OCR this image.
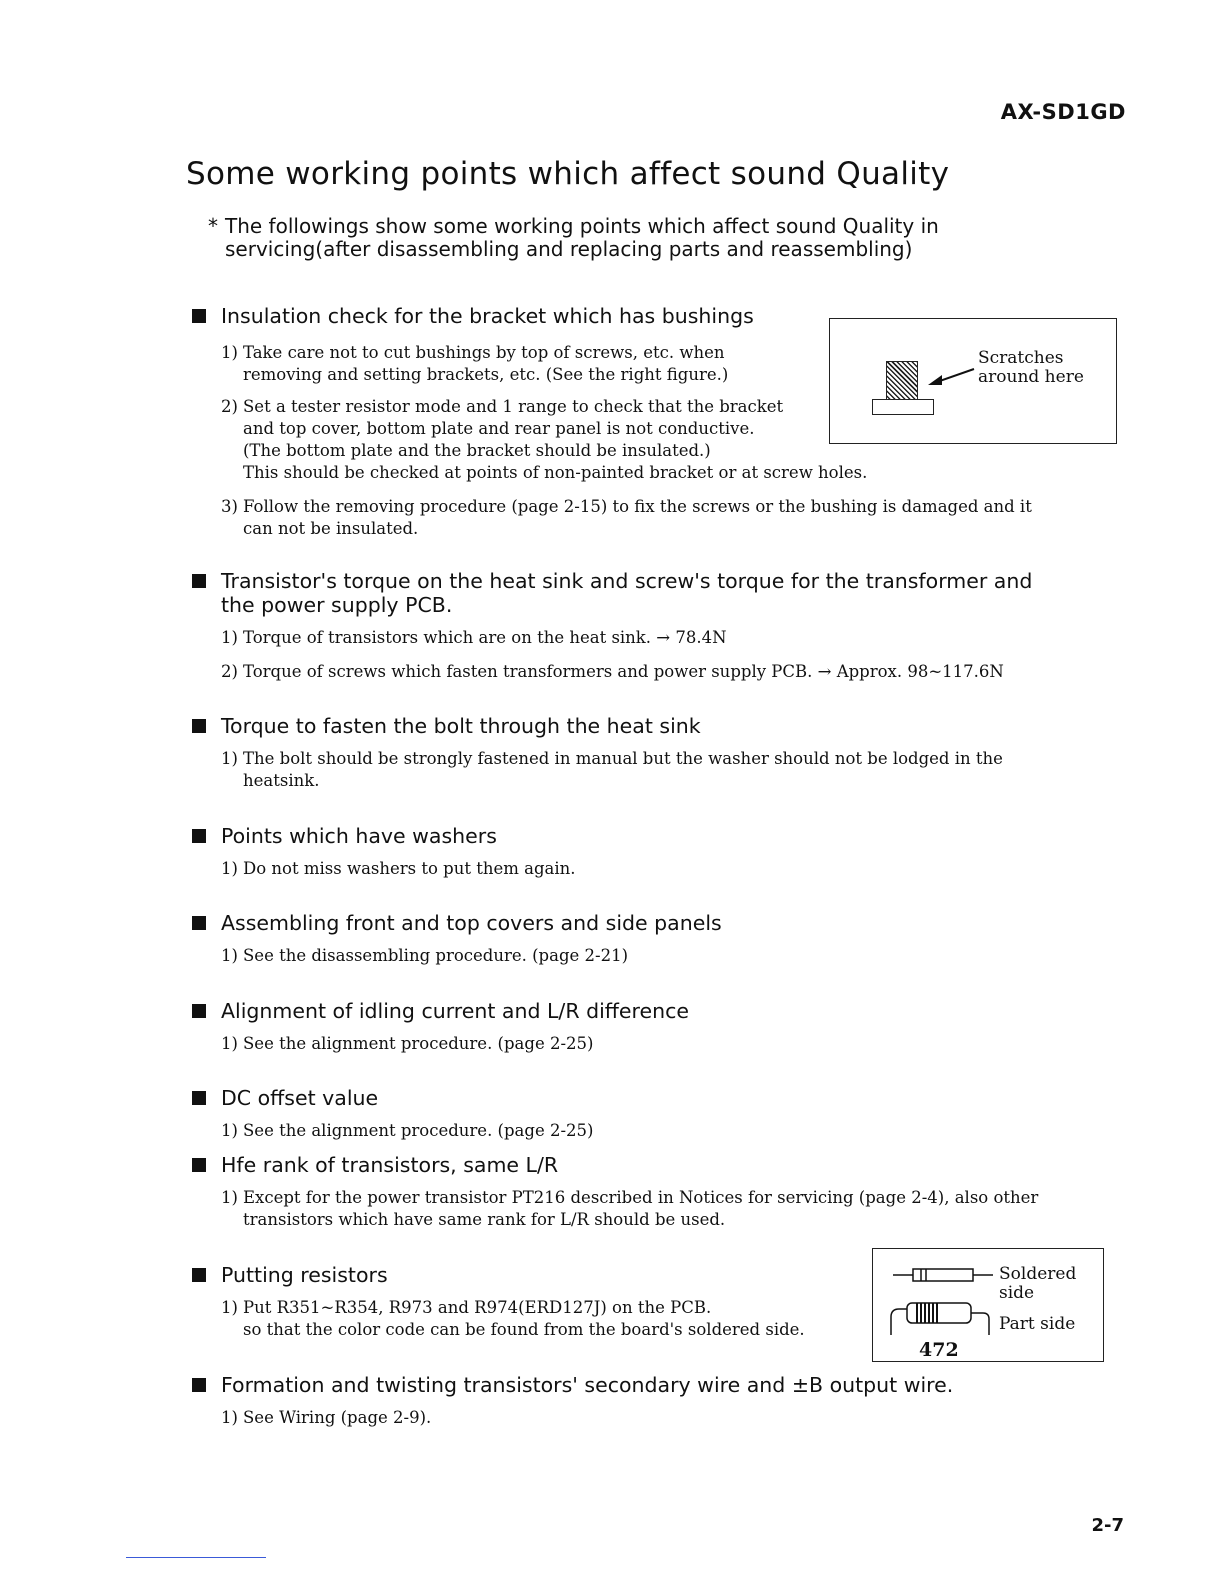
AX-SD1GD
Some working points which affect sound Quality
* The followings show some working points which affect sound Quality in
servicing(after disassembling and replacing parts and reassembling)
Insulation check for the bracket which has bushings
1) Take care not to cut bushings by top of screws, etc. when
removing and setting brackets, etc. (See the right figure.)
2) Set a tester resistor mode and 1 range to check that the bracket
and top cover, bottom plate and rear panel is not conductive.
(The bottom plate and the bracket should be insulated.)
This should be checked at points of non-painted bracket or at screw holes.
3) Follow the removing procedure (page 2-15) to fix the screws or the bushing is damaged and it
can not be insulated.
Scratches
around here
Transistor's torque on the heat sink and screw's torque for the transformer and
the power supply PCB.
1) Torque of transistors which are on the heat sink. → 78.4N
2) Torque of screws which fasten transformers and power supply PCB. → Approx. 98~117.6N
Torque to fasten the bolt through the heat sink
1) The bolt should be strongly fastened in manual but the washer should not be lodged in the
heatsink.
Points which have washers
1) Do not miss washers to put them again.
Assembling front and top covers and side panels
1) See the disassembling procedure. (page 2-21)
Alignment of idling current and L/R difference
1) See the alignment procedure. (page 2-25)
DC offset value
1) See the alignment procedure. (page 2-25)
Hfe rank of transistors, same L/R
1) Except for the power transistor PT216 described in Notices for servicing (page 2-4), also other
transistors which have same rank for L/R should be used.
Putting resistors
1) Put R351~R354, R973 and R974(ERD127J) on the PCB.
so that the color code can be found from the board's soldered side.
Soldered
side
Part side
472
Formation and twisting transistors' secondary wire and ±B output wire.
1) See Wiring (page 2-9).
2-7
